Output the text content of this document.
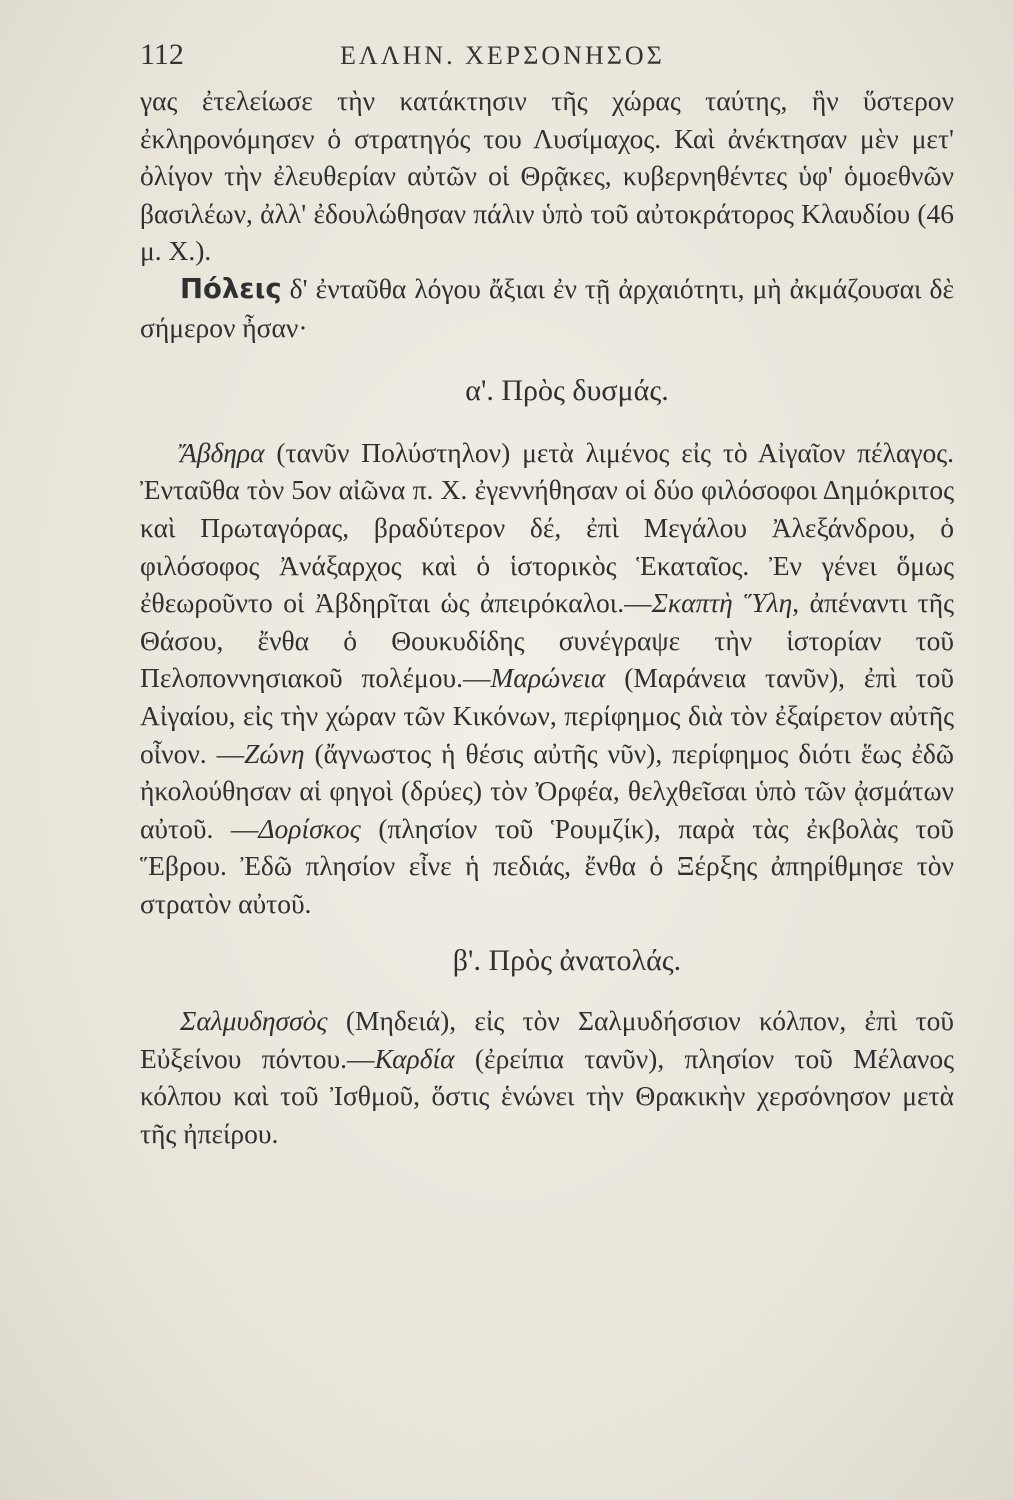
112	ΕΛΛΗΝ. ΧΕΡΣΟΝΗΣΟΣ

γας ἐτελείωσε τὴν κατάκτησιν τῆς χώρας ταύτης, ἣν ὕστερον ἐκληρονόμησεν ὁ στρατηγός του Λυσίμαχος. Καὶ ἀνέκτησαν μὲν μετ' ὀλίγον τὴν ἐλευθερίαν αὐτῶν οἱ Θρᾷκες, κυβερνηθέντες ὑφ' ὁμοεθνῶν βασιλέων, ἀλλ' ἐδουλώθησαν πάλιν ὑπὸ τοῦ αὐτοκράτορος Κλαυδίου (46 μ. Χ.).

Πόλεις δ' ἐνταῦθα λόγου ἄξιαι ἐν τῇ ἀρχαιότητι, μὴ ἀκμάζουσαι δὲ σήμερον ἦσαν·

α'. Πρὸς δυσμάς.

Ἄβδηρα (τανῦν Πολύστηλον) μετὰ λιμένος εἰς τὸ Αἰγαῖον πέλαγος. Ἐνταῦθα τὸν 5ον αἰῶνα π. Χ. ἐγεννήθησαν οἱ δύο φιλόσοφοι Δημόκριτος καὶ Πρωταγόρας, βραδύτερον δέ, ἐπὶ Μεγάλου Ἀλεξάνδρου, ὁ φιλόσοφος Ἀνάξαρχος καὶ ὁ ἱστορικὸς Ἑκαταῖος. Ἐν γένει ὅμως ἐθεωροῦντο οἱ Ἀβδηρῖται ὡς ἀπειρόκαλοι.—Σκαπτὴ Ὕλη, ἀπέναντι τῆς Θάσου, ἔνθα ὁ Θουκυδίδης συνέγραψε τὴν ἱστορίαν τοῦ Πελοποννησιακοῦ πολέμου.—Μαρώνεια (Μαράνεια τανῦν), ἐπὶ τοῦ Αἰγαίου, εἰς τὴν χώραν τῶν Κικόνων, περίφημος διὰ τὸν ἐξαίρετον αὐτῆς οἶνον. —Ζώνη (ἄγνωστος ἡ θέσις αὐτῆς νῦν), περίφημος διότι ἕως ἐδῶ ἠκολούθησαν αἱ φηγοὶ (δρύες) τὸν Ὀρφέα, θελχθεῖσαι ὑπὸ τῶν ᾀσμάτων αὐτοῦ. —Δορίσκος (πλησίον τοῦ Ῥουμζίκ), παρὰ τὰς ἐκβολὰς τοῦ Ἕβρου. Ἐδῶ πλησίον εἶνε ἡ πεδιάς, ἔνθα ὁ Ξέρξης ἀπηρίθμησε τὸν στρατὸν αὐτοῦ.

β'. Πρὸς ἀνατολάς.

Σαλμυδησσὸς (Μηδειά), εἰς τὸν Σαλμυδήσσιον κόλπον, ἐπὶ τοῦ Εὐξείνου πόντου.—Καρδία (ἐρείπια τανῦν), πλησίον τοῦ Μέλανος κόλπου καὶ τοῦ Ἰσθμοῦ, ὅστις ἑνώνει τὴν Θρακικὴν χερσόνησον μετὰ τῆς ἠπείρου.
